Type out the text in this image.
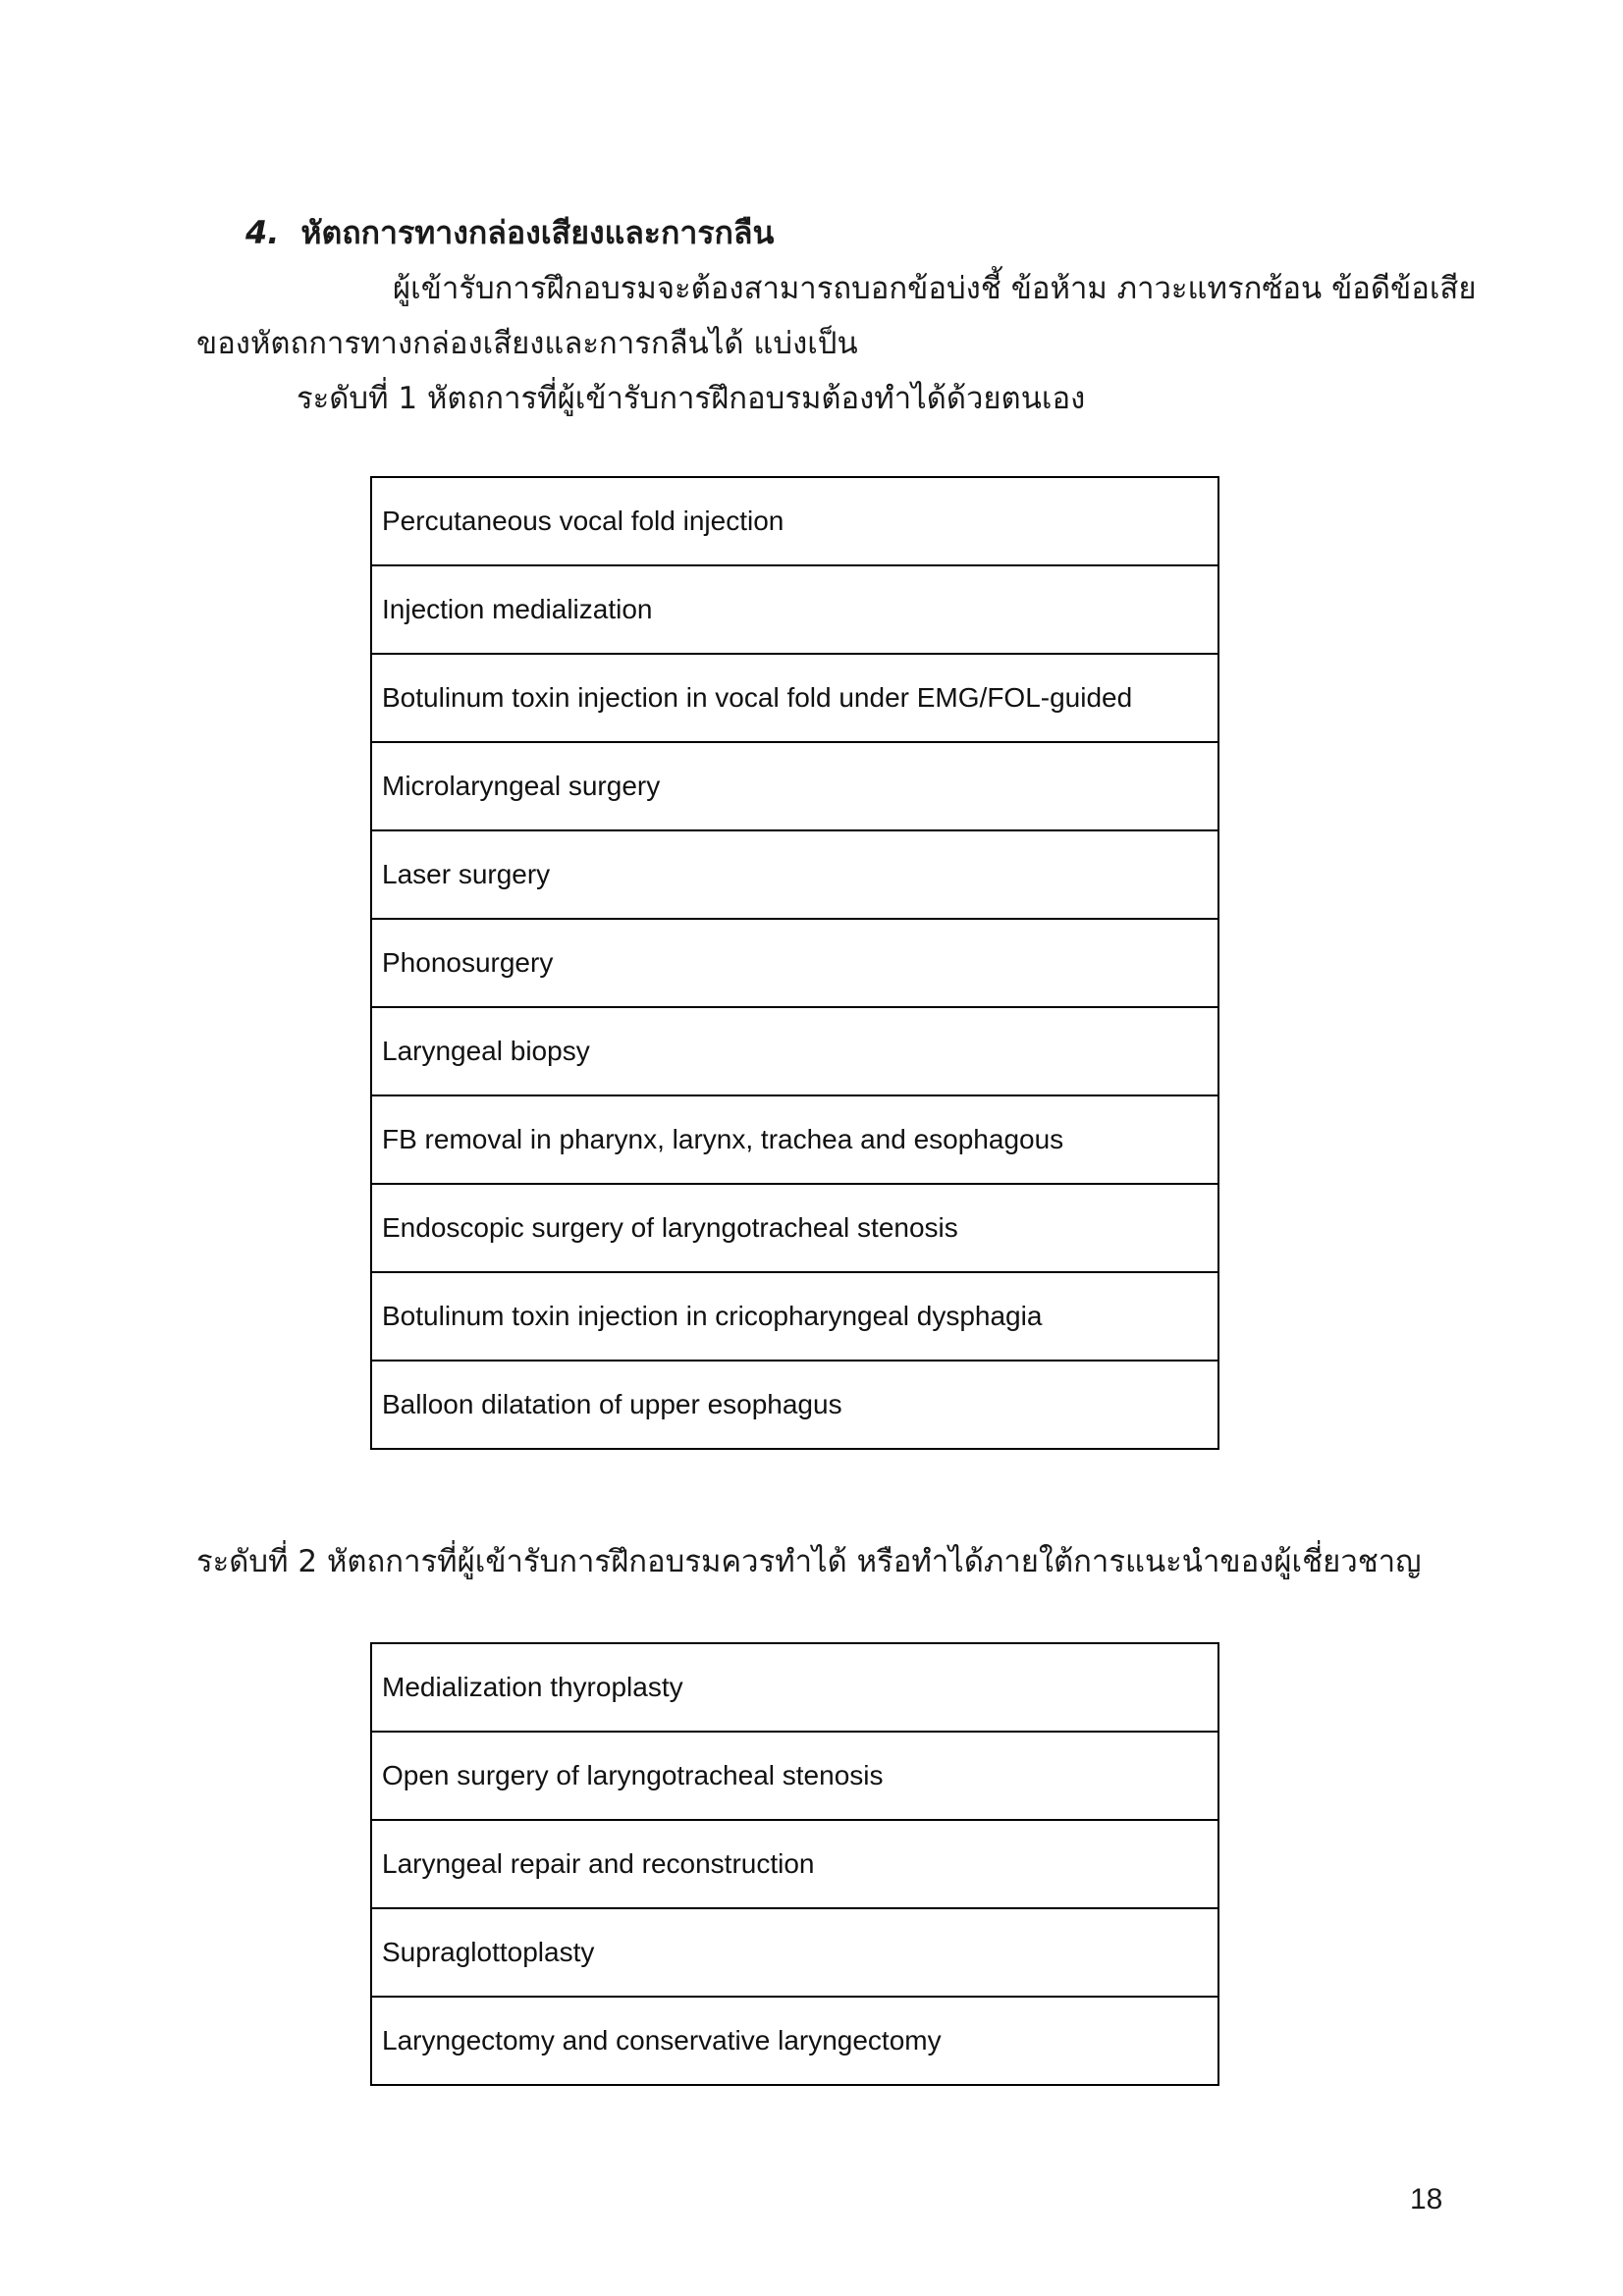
4. หัตถการทางกล่องเสียงและการกลืน
ผู้เข้ารับการฝึกอบรมจะต้องสามารถบอกข้อบ่งชี้ ข้อห้าม ภาวะแทรกซ้อน ข้อดีข้อเสีย
ของหัตถการทางกล่องเสียงและการกลืนได้ แบ่งเป็น
ระดับที่ 1 หัตถการที่ผู้เข้ารับการฝึกอบรมต้องทำได้ด้วยตนเอง
Percutaneous vocal fold injection
Injection medialization
Botulinum toxin injection in vocal fold under EMG/FOL-guided
Microlaryngeal surgery
Laser surgery
Phonosurgery
Laryngeal biopsy
FB removal in pharynx, larynx, trachea and esophagous
Endoscopic surgery of laryngotracheal stenosis
Botulinum toxin injection in cricopharyngeal dysphagia
Balloon dilatation of upper esophagus
ระดับที่ 2 หัตถการที่ผู้เข้ารับการฝึกอบรมควรทำได้ หรือทำได้ภายใต้การแนะนำของผู้เชี่ยวชาญ
Medialization thyroplasty
Open surgery of laryngotracheal stenosis
Laryngeal repair and reconstruction
Supraglottoplasty
Laryngectomy and conservative laryngectomy
18
